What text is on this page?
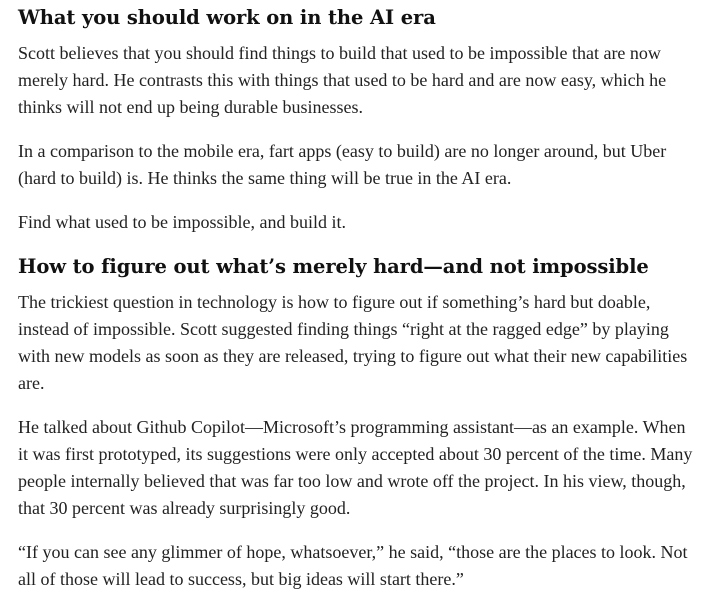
What you should work on in the AI era

Scott believes that you should find things to build that used to be impossible that are now merely hard. He contrasts this with things that used to be hard and are now easy, which he thinks will not end up being durable businesses.

In a comparison to the mobile era, fart apps (easy to build) are no longer around, but Uber (hard to build) is. He thinks the same thing will be true in the AI era.

Find what used to be impossible, and build it.

How to figure out what’s merely hard—and not impossible

The trickiest question in technology is how to figure out if something’s hard but doable, instead of impossible. Scott suggested finding things “right at the ragged edge” by playing with new models as soon as they are released, trying to figure out what their new capabilities are.

He talked about Github Copilot—Microsoft’s programming assistant—as an example. When it was first prototyped, its suggestions were only accepted about 30 percent of the time. Many people internally believed that was far too low and wrote off the project. In his view, though, that 30 percent was already surprisingly good.

“If you can see any glimmer of hope, whatsoever,” he said, “those are the places to look. Not all of those will lead to success, but big ideas will start there.”
